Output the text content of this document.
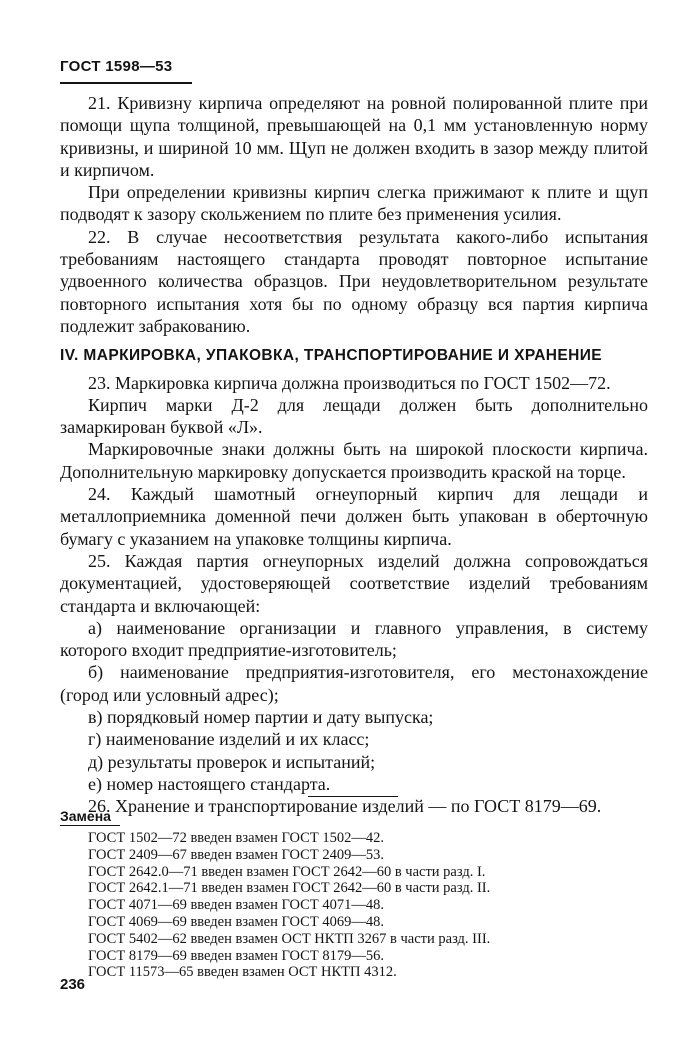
ГОСТ 1598—53

21. Кривизну кирпича определяют на ровной полированной плите при помощи щупа толщиной, превышающей на 0,1 мм установленную норму кривизны, и шириной 10 мм. Щуп не должен входить в зазор между плитой и кирпичом.

При определении кривизны кирпич слегка прижимают к плите и щуп подводят к зазору скольжением по плите без применения усилия.

22. В случае несоответствия результата какого-либо испытания требованиям настоящего стандарта проводят повторное испытание удвоенного количества образцов. При неудовлетворительном результате повторного испытания хотя бы по одному образцу вся партия кирпича подлежит забракованию.

IV. МАРКИРОВКА, УПАКОВКА, ТРАНСПОРТИРОВАНИЕ И ХРАНЕНИЕ

23. Маркировка кирпича должна производиться по ГОСТ 1502—72.

Кирпич марки Д-2 для лещади должен быть дополнительно замаркирован буквой «Л».

Маркировочные знаки должны быть на широкой плоскости кирпича. Дополнительную маркировку допускается производить краской на торце.

24. Каждый шамотный огнеупорный кирпич для лещади и металлоприемника доменной печи должен быть упакован в оберточную бумагу с указанием на упаковке толщины кирпича.

25. Каждая партия огнеупорных изделий должна сопровождаться документацией, удостоверяющей соответствие изделий требованиям стандарта и включающей:

а) наименование организации и главного управления, в систему которого входит предприятие-изготовитель;

б) наименование предприятия-изготовителя, его местонахождение (город или условный адрес);

в) порядковый номер партии и дату выпуска;

г) наименование изделий и их класс;

д) результаты проверок и испытаний;

е) номер настоящего стандарта.

26. Хранение и транспортирование изделий — по ГОСТ 8179—69.

Замена
ГОСТ 1502—72 введен взамен ГОСТ 1502—42.
ГОСТ 2409—67 введен взамен ГОСТ 2409—53.
ГОСТ 2642.0—71 введен взамен ГОСТ 2642—60 в части разд. I.
ГОСТ 2642.1—71 введен взамен ГОСТ 2642—60 в части разд. II.
ГОСТ 4071—69 введен взамен ГОСТ 4071—48.
ГОСТ 4069—69 введен взамен ГОСТ 4069—48.
ГОСТ 5402—62 введен взамен ОСТ НКТП 3267 в части разд. III.
ГОСТ 8179—69 введен взамен ГОСТ 8179—56.
ГОСТ 11573—65 введен взамен ОСТ НКТП 4312.
236
